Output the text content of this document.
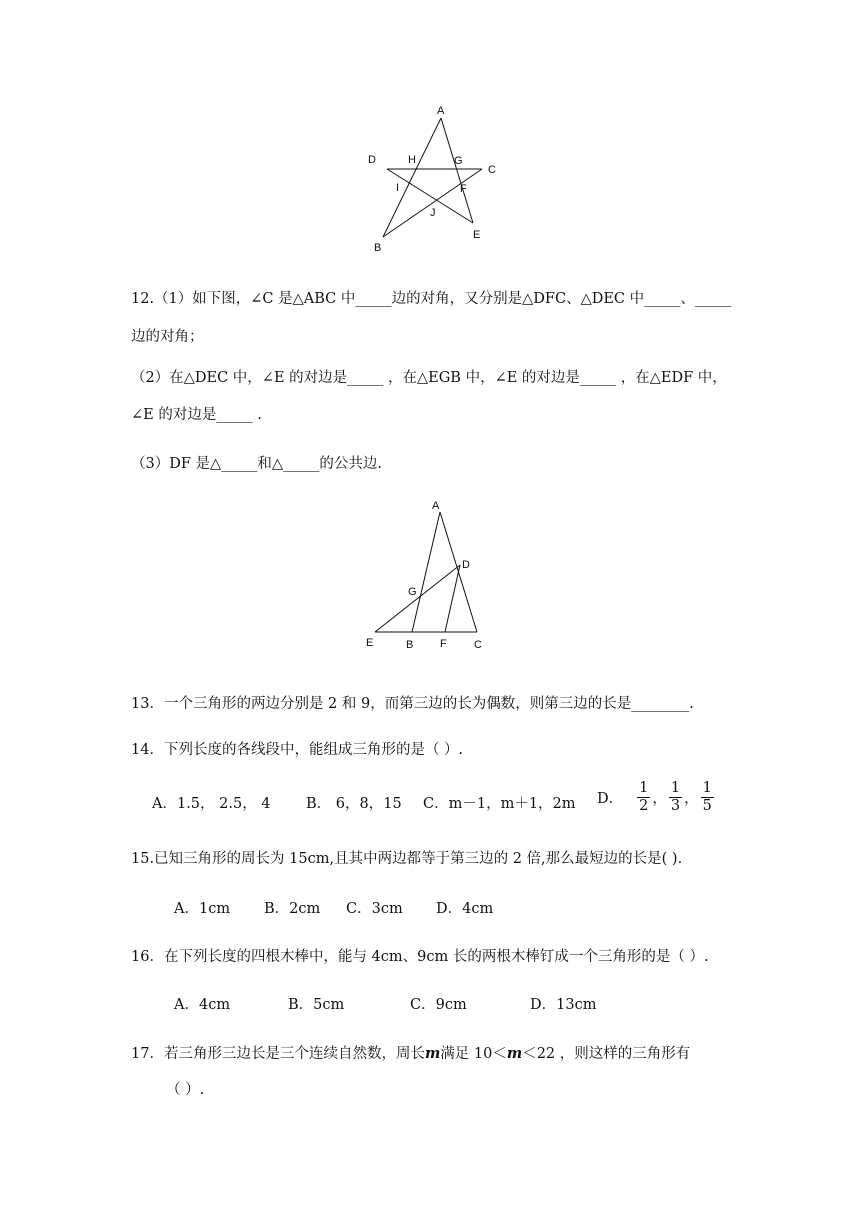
A
D	H	G
C
I	F
J
E
B
12.（1）如下图，∠C 是△ABC 中_____边的对角，又分别是△DFC、△DEC 中_____、_____
边的对角；
（2）在△DEC 中，∠E 的对边是_____ ，在△EGB 中，∠E 的对边是_____ ，在△EDF 中，
∠E 的对边是_____ .
（3）DF 是△_____和△_____的公共边.
A
D
G
E	B F C
13．一个三角形的两边分别是 2 和 9，而第三边的长为偶数，则第三边的长是________.
14．下列长度的各线段中，能组成三角形的是（ ）.
A．1.5， 2.5， 4 B． 6，8，15 C．m－1，m＋1，2m D． $\frac{1}{2}$ ， $\frac{1}{3}$ ， $\frac{1}{5}$
15.已知三角形的周长为 15cm,且其中两边都等于第三边的 2 倍,那么最短边的长是( ).
A．1cm B．2cm C．3cm D．4cm
16．在下列长度的四根木棒中，能与 4cm、9cm 长的两根木棒钉成一个三角形的是（ ）.
A．4cm	B．5cm	C．9cm	D．13cm
17．若三角形三边长是三个连续自然数，周长m满足 10＜m＜22 ，则这样的三角形有
（ ）.
